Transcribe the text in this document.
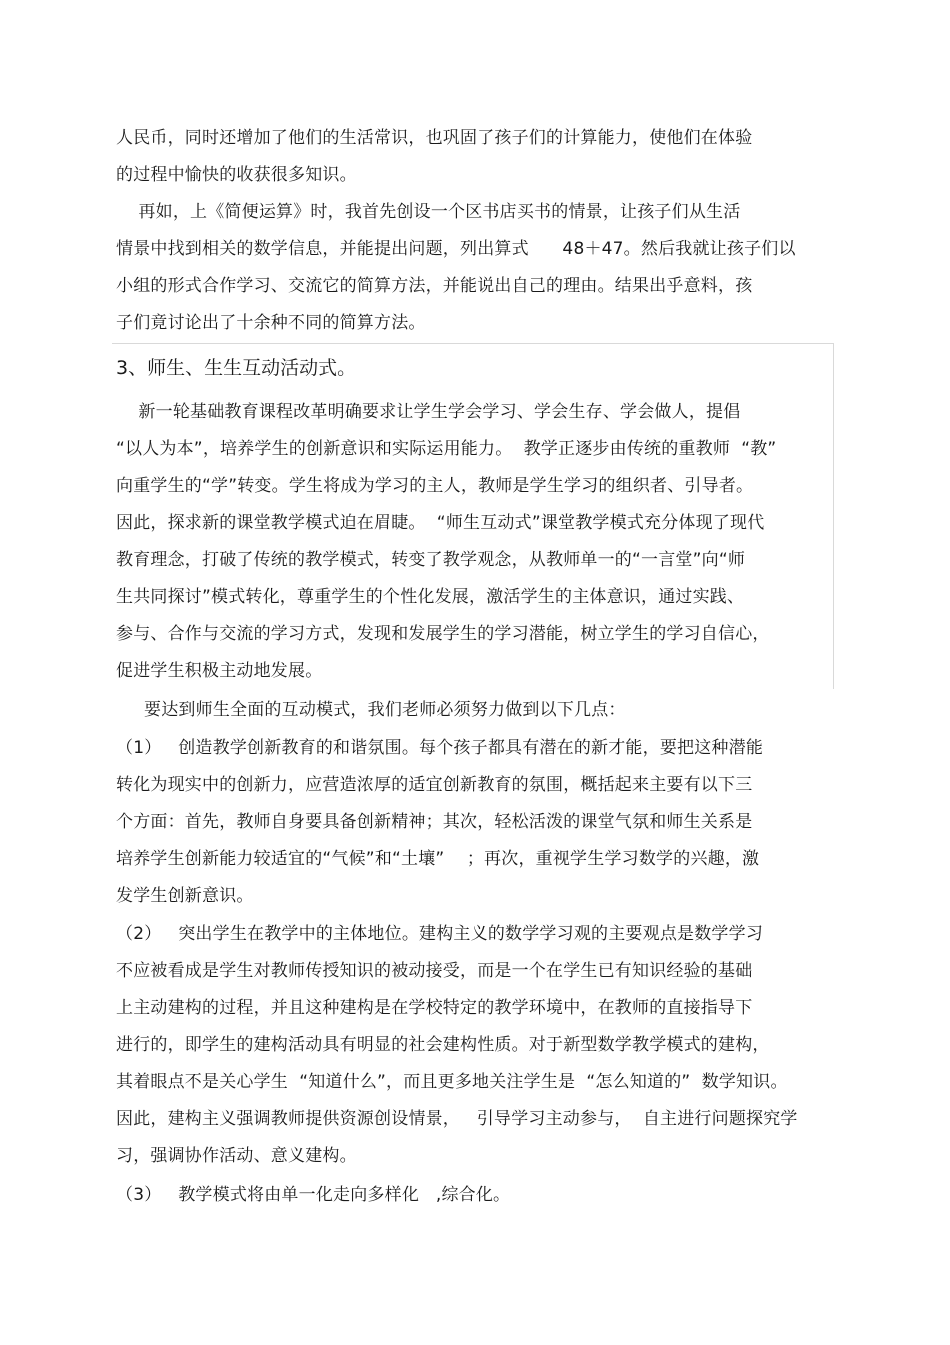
人民币，同时还增加了他们的生活常识，也巩固了孩子们的计算能力，使他们在体验
的过程中愉快的收获很多知识。
再如，上《简便运算》时，我首先创设一个区书店买书的情景，让孩子们从生活
情景中找到相关的数学信息，并能提出问题，列出算式      48＋47。然后我就让孩子们以
小组的形式合作学习、交流它的简算方法，并能说出自己的理由。结果出乎意料，孩
子们竟讨论出了十余种不同的简算方法。
3、师生、生生互动活动式。
新一轮基础教育课程改革明确要求让学生学会学习、学会生存、学会做人，提倡
“以人为本”，培养学生的创新意识和实际运用能力。  教学正逐步由传统的重教师  “教”
向重学生的“学”转变。学生将成为学习的主人，教师是学生学习的组织者、引导者。
因此，探求新的课堂教学模式迫在眉睫。  “师生互动式”课堂教学模式充分体现了现代
教育理念，打破了传统的教学模式，转变了教学观念，从教师单一的“一言堂”向“师
生共同探讨”模式转化，尊重学生的个性化发展，激活学生的主体意识，通过实践、
参与、合作与交流的学习方式，发现和发展学生的学习潜能，树立学生的学习自信心，
促进学生积极主动地发展。
要达到师生全面的互动模式，我们老师必须努力做到以下几点：
（1）   创造教学创新教育的和谐氛围。每个孩子都具有潜在的新才能，要把这种潜能
转化为现实中的创新力，应营造浓厚的适宜创新教育的氛围，概括起来主要有以下三
个方面：首先，教师自身要具备创新精神；其次，轻松活泼的课堂气氛和师生关系是
培养学生创新能力较适宜的“气候”和“土壤”    ；再次，重视学生学习数学的兴趣，激
发学生创新意识。
（2）   突出学生在教学中的主体地位。建构主义的数学学习观的主要观点是数学学习
不应被看成是学生对教师传授知识的被动接受，而是一个在学生已有知识经验的基础
上主动建构的过程，并且这种建构是在学校特定的教学环境中，在教师的直接指导下
进行的，即学生的建构活动具有明显的社会建构性质。对于新型数学教学模式的建构，
其着眼点不是关心学生  “知道什么”，而且更多地关注学生是  “怎么知道的”  数学知识。
因此，建构主义强调教师提供资源创设情景，   引导学习主动参与，  自主进行问题探究学
习，强调协作活动、意义建构。
（3）   教学模式将由单一化走向多样化   ,综合化。
